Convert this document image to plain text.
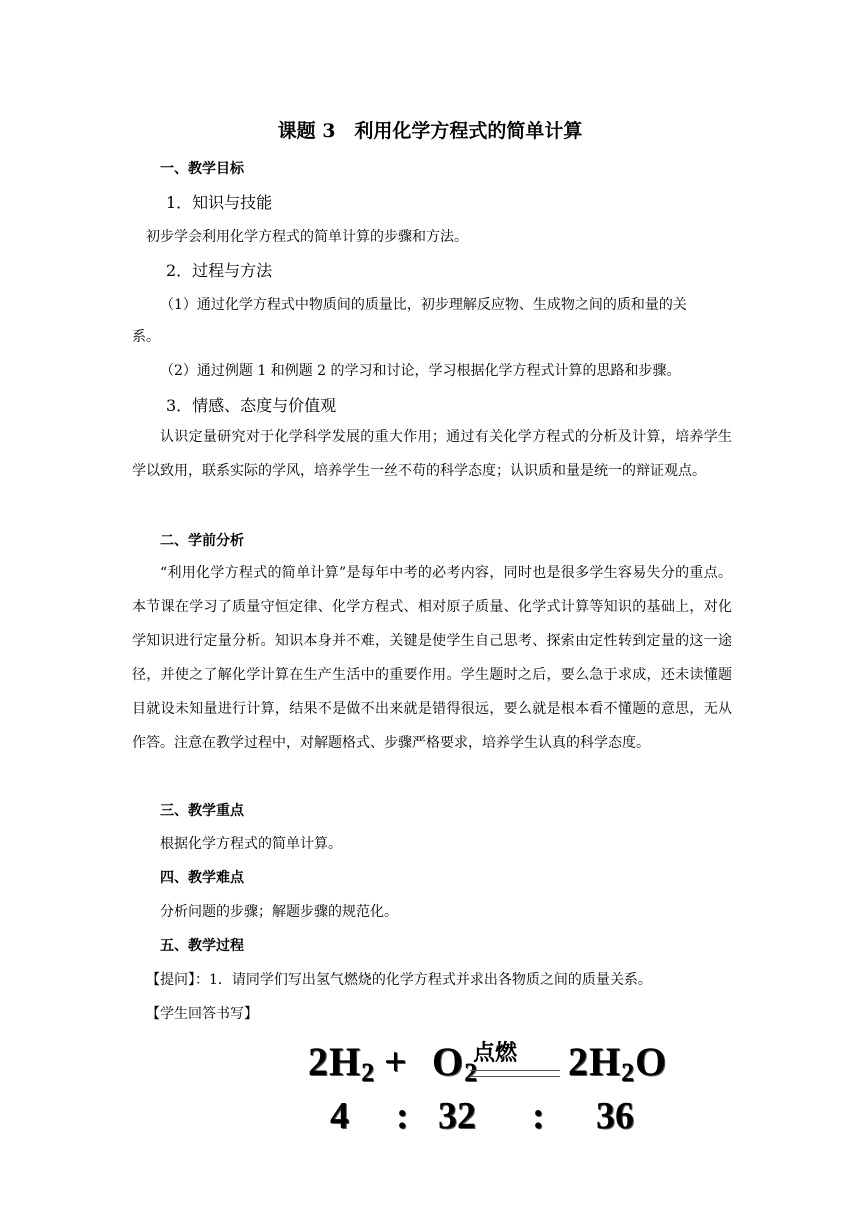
课题 3　利用化学方程式的简单计算
一、教学目标
1．知识与技能
初步学会利用化学方程式的简单计算的步骤和方法。
2．过程与方法
（1）通过化学方程式中物质间的质量比，初步理解反应物、生成物之间的质和量的关
系。
（2）通过例题 1 和例题 2 的学习和讨论，学习根据化学方程式计算的思路和步骤。
3．情感、态度与价值观
认识定量研究对于化学科学发展的重大作用；通过有关化学方程式的分析及计算，培养学生学以致用，联系实际的学风，培养学生一丝不苟的科学态度；认识质和量是统一的辩证观点。
二、学前分析
“利用化学方程式的简单计算”是每年中考的必考内容，同时也是很多学生容易失分的重点。本节课在学习了质量守恒定律、化学方程式、相对原子质量、化学式计算等知识的基础上，对化学知识进行定量分析。知识本身并不难，关键是使学生自己思考、探索由定性转到定量的这一途径，并使之了解化学计算在生产生活中的重要作用。学生题时之后，要么急于求成，还未读懂题目就设未知量进行计算，结果不是做不出来就是错得很远，要么就是根本看不懂题的意思，无从作答。注意在教学过程中，对解题格式、步骤严格要求，培养学生认真的科学态度。
三、教学重点
根据化学方程式的简单计算。
四、教学难点
分析问题的步骤；解题步骤的规范化。
五、教学过程
【提问】：1．请同学们写出氢气燃烧的化学方程式并求出各物质之间的质量关系。
【学生回答书写】
$2H_2 + O_2$
点燃 $2H_2O$
4 : 32 : 36
